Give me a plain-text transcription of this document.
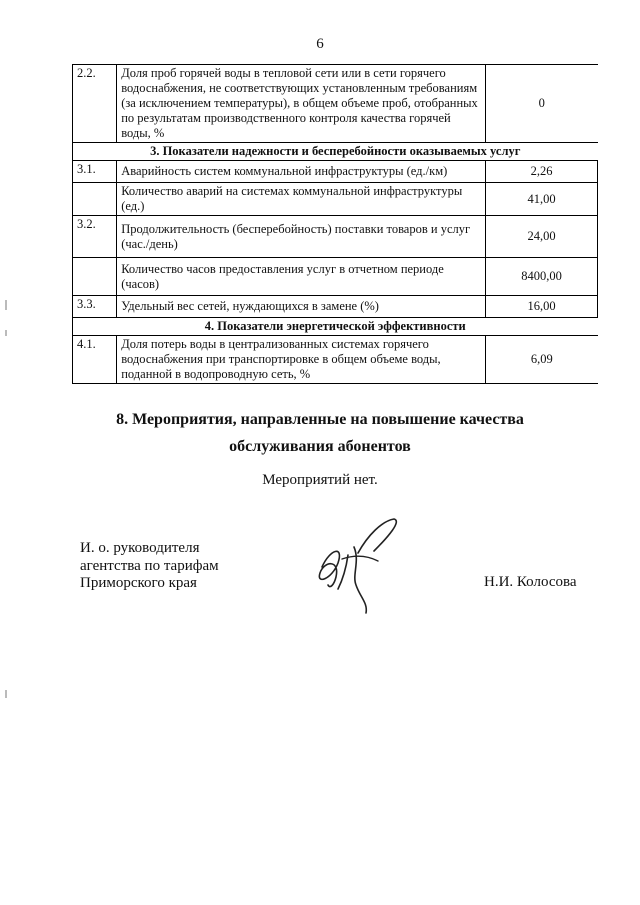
6
2.2.	Доля проб горячей воды в тепловой сети или в сети горячего водоснабжения, не соответствующих установленным требованиям (за исключением температуры), в общем объеме проб, отобранных по результатам производственного контроля качества горячей воды, %	0
3. Показатели надежности и бесперебойности оказываемых услуг		
3.1.	Аварийность систем коммунальной инфраструктуры (ед./км)	2,26
	Количество аварий на системах коммунальной инфраструктуры (ед.)	41,00
3.2.	Продолжительность (бесперебойность) поставки товаров и услуг (час./день)	24,00
	Количество часов предоставления услуг в отчетном периоде (часов)	8400,00
3.3.	Удельный вес сетей, нуждающихся в замене (%)	16,00
4. Показатели энергетической эффективности		
4.1.	Доля потерь воды в централизованных системах горячего водоснабжения при транспортировке в общем объеме воды, поданной в водопроводную сеть, %	6,09
8. Мероприятия, направленные на повышение качества
обслуживания абонентов
Мероприятий нет.
И. о. руководителя
агентства по тарифам
Приморского края	Н.И. Колосова
